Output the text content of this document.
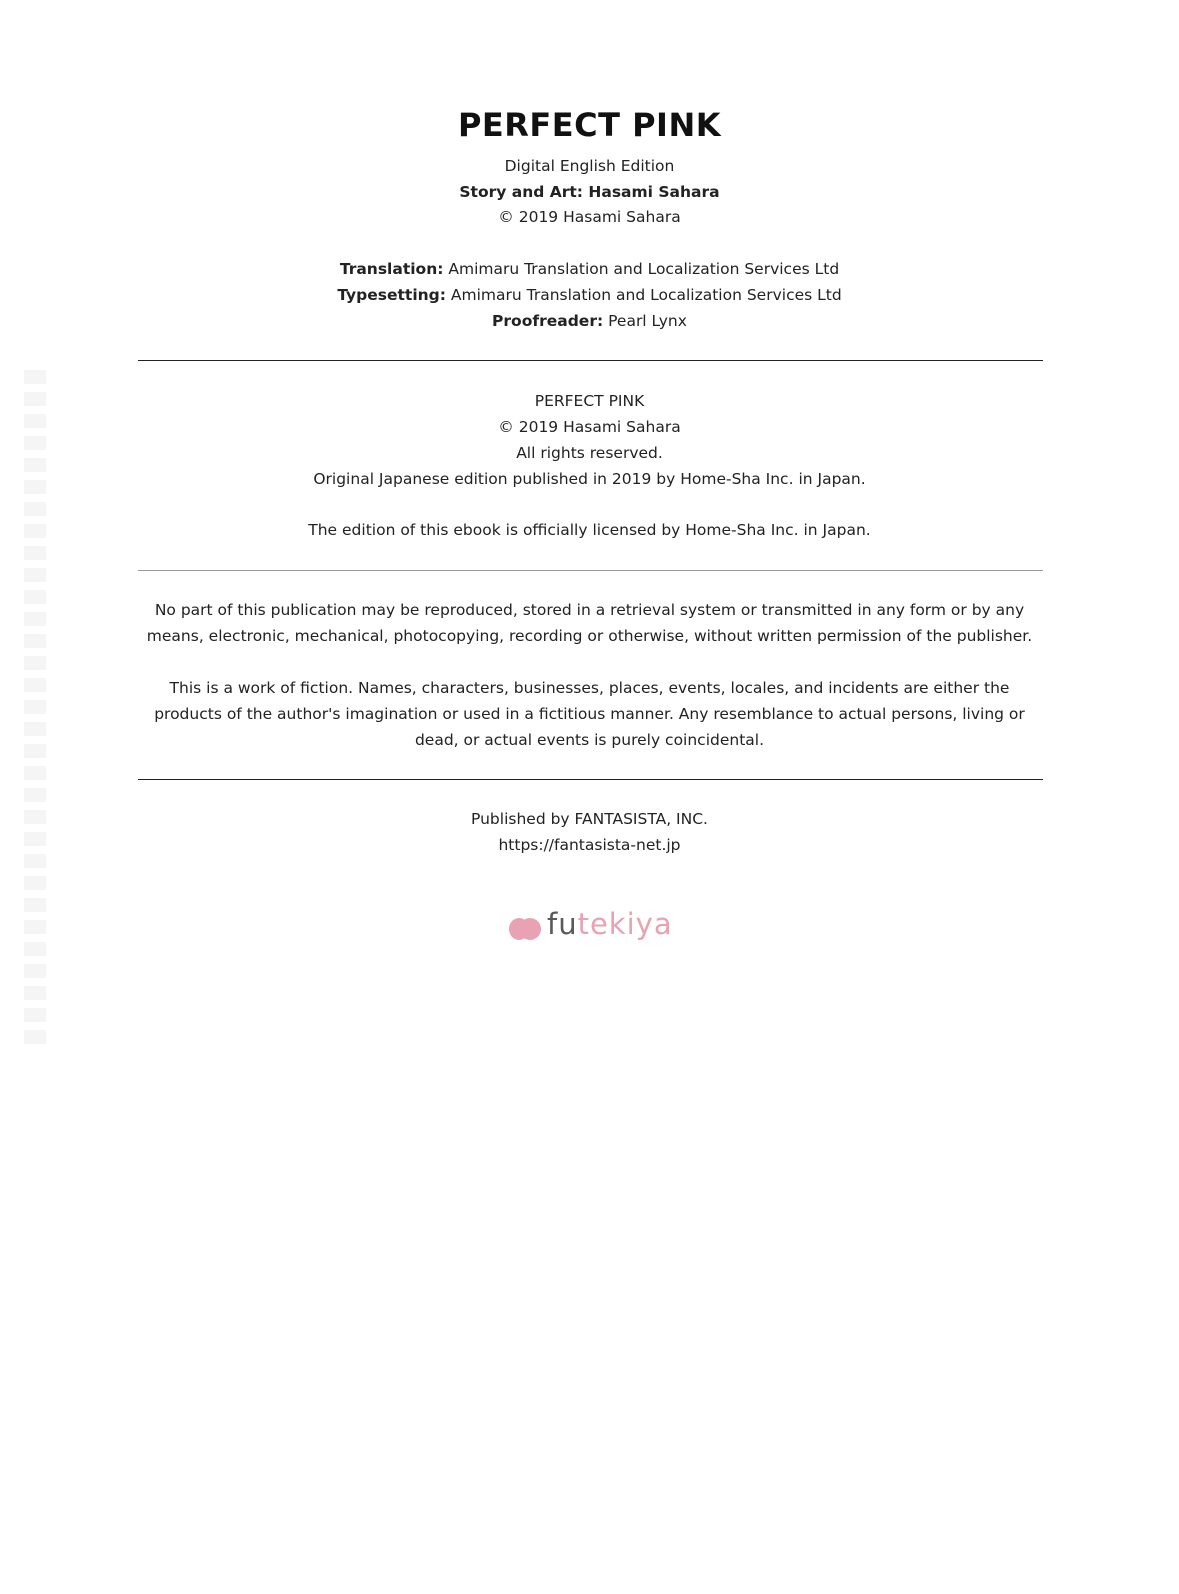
PERFECT PINK
Digital English Edition
Story and Art: Hasami Sahara
© 2019 Hasami Sahara
Translation: Amimaru Translation and Localization Services Ltd
Typesetting: Amimaru Translation and Localization Services Ltd
Proofreader: Pearl Lynx
PERFECT PINK
© 2019 Hasami Sahara
All rights reserved.
Original Japanese edition published in 2019 by Home-Sha Inc. in Japan.
The edition of this ebook is officially licensed by Home-Sha Inc. in Japan.
No part of this publication may be reproduced, stored in a retrieval system or transmitted in any form or by any
means, electronic, mechanical, photocopying, recording or otherwise, without written permission of the publisher.
This is a work of fiction. Names, characters, businesses, places, events, locales, and incidents are either the
products of the author's imagination or used in a fictitious manner. Any resemblance to actual persons, living or
dead, or actual events is purely coincidental.
Published by FANTASISTA, INC.
https://fantasista-net.jp
futekiya
